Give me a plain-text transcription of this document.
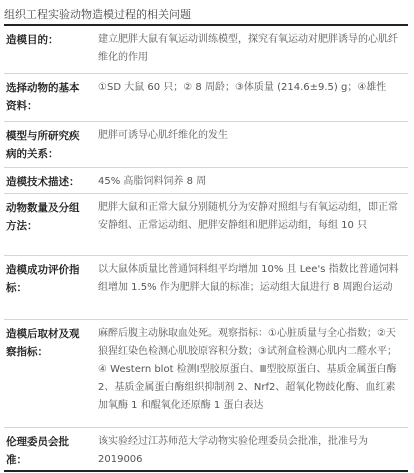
组织工程实验动物造模过程的相关问题
造模目的：	建立肥胖大鼠有氧运动训练模型，探究有氧运动对肥胖诱导的心肌纤维化的作用
选择动物的基本资料：
①SD 大鼠 60 只；② 8 周龄；③体质量 (214.6±9.5) g；④雄性
模型与所研究疾病的关系：
肥胖可诱导心肌纤维化的发生
造模技术描述：	45% 高脂饲料饲养 8 周
动物数量及分组方法：
肥胖大鼠和正常大鼠分别随机分为安静对照组与有氧运动组，即正常安静组、正常运动组、肥胖安静组和肥胖运动组，每组 10 只
造模成功评价指标：
以大鼠体质量比普通饲料组平均增加 10% 且 Lee's 指数比普通饲料组增加 1.5% 作为肥胖大鼠的标准；运动组大鼠进行 8 周跑台运动
造模后取材及观察指标：
麻醉后腹主动脉取血处死。观察指标：①心脏质量与全心指数；②天狼猩红染色检测心肌胶原容积分数；③试剂盒检测心肌内二醛水平；④ Western blot 检测Ⅰ型胶原蛋白、Ⅲ型胶原蛋白、基质金属蛋白酶 2、基质金属蛋白酶组织抑制剂 2、Nrf2、超氧化物歧化酶、血红素加氧酶 1 和醌氧化还原酶 1 蛋白表达
伦理委员会批准：
该实验经过江苏师范大学动物实验伦理委员会批准，批准号为 2019006
